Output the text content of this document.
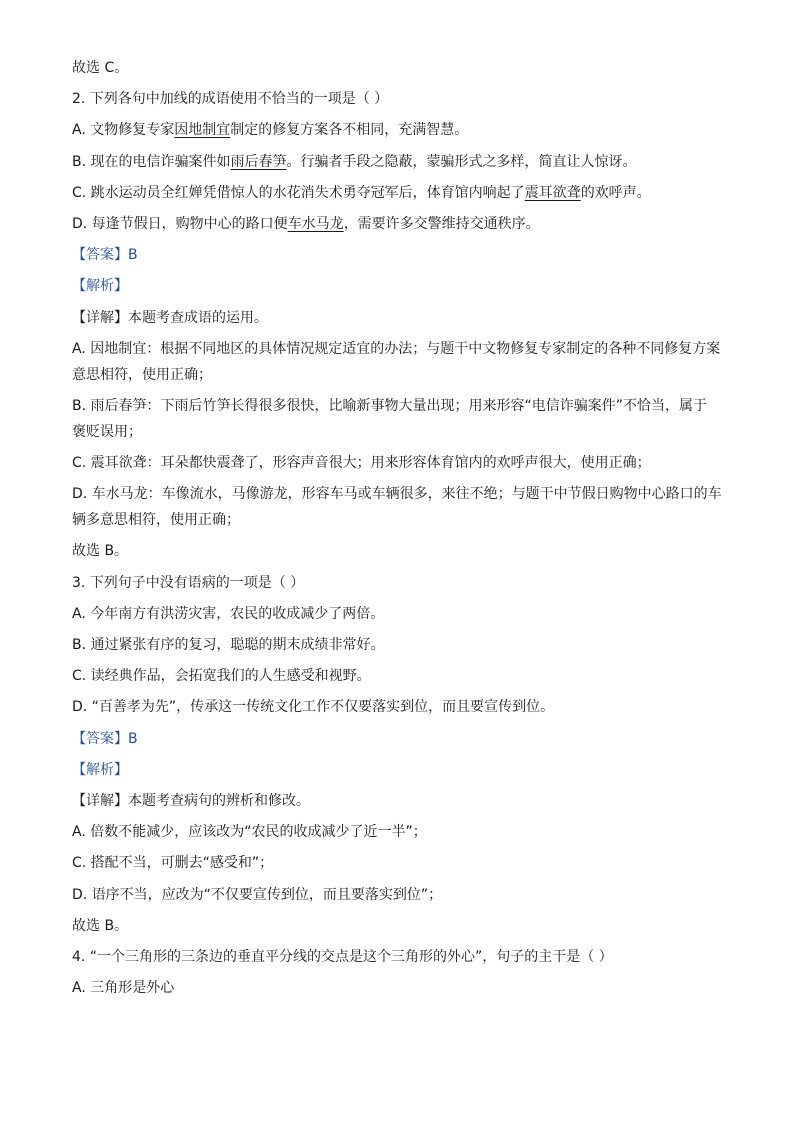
故选 C。
2. 下列各句中加线的成语使用不恰当的一项是（ ）
A. 文物修复专家因地制宜制定的修复方案各不相同，充满智慧。
B. 现在的电信诈骗案件如雨后春笋。行骗者手段之隐蔽，蒙骗形式之多样，简直让人惊讶。
C. 跳水运动员全红婵凭借惊人的水花消失术勇夺冠军后，体育馆内响起了震耳欲聋的欢呼声。
D. 每逢节假日，购物中心的路口便车水马龙，需要许多交警维持交通秩序。
【答案】B
【解析】
【详解】本题考查成语的运用。
A. 因地制宜：根据不同地区的具体情况规定适宜的办法；与题干中文物修复专家制定的各种不同修复方案
意思相符，使用正确；
B. 雨后春笋：下雨后竹笋长得很多很快，比喻新事物大量出现；用来形容“电信诈骗案件”不恰当，属于
褒贬误用；
C. 震耳欲聋：耳朵都快震聋了，形容声音很大；用来形容体育馆内的欢呼声很大，使用正确；
D. 车水马龙：车像流水，马像游龙，形容车马或车辆很多，来往不绝；与题干中节假日购物中心路口的车
辆多意思相符，使用正确；
故选 B。
3. 下列句子中没有语病的一项是（ ）
A. 今年南方有洪涝灾害，农民的收成减少了两倍。
B. 通过紧张有序的复习，聪聪的期末成绩非常好。
C. 读经典作品，会拓宽我们的人生感受和视野。
D. “百善孝为先”，传承这一传统文化工作不仅要落实到位，而且要宣传到位。
【答案】B
【解析】
【详解】本题考查病句的辨析和修改。
A. 倍数不能减少，应该改为“农民的收成减少了近一半”；
C. 搭配不当，可删去“感受和”；
D. 语序不当，应改为“不仅要宣传到位，而且要落实到位”；
故选 B。
4. “一个三角形的三条边的垂直平分线的交点是这个三角形的外心”，句子的主干是（ ）
A. 三角形是外心
